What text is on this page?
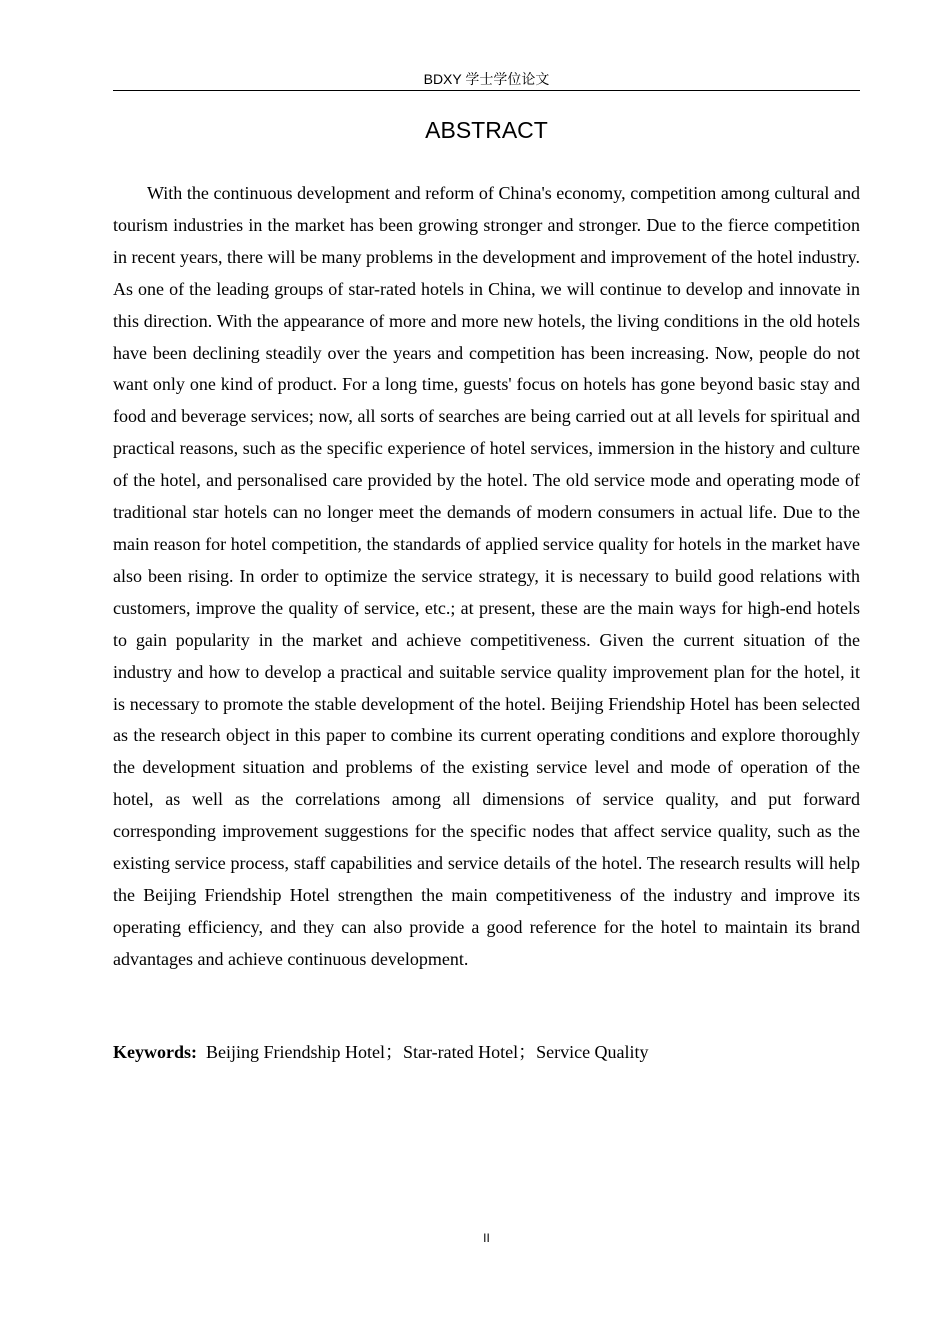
BDXY 学士学位论文
ABSTRACT

With the continuous development and reform of China's economy, competition among cultural and tourism industries in the market has been growing stronger and stronger. Due to the fierce competition in recent years, there will be many problems in the development and improvement of the hotel industry. As one of the leading groups of star-rated hotels in China, we will continue to develop and innovate in this direction. With the appearance of more and more new hotels, the living conditions in the old hotels have been declining steadily over the years and competition has been increasing. Now, people do not want only one kind of product. For a long time, guests' focus on hotels has gone beyond basic stay and food and beverage services; now, all sorts of searches are being carried out at all levels for spiritual and practical reasons, such as the specific experience of hotel services, immersion in the history and culture of the hotel, and personalised care provided by the hotel. The old service mode and operating mode of traditional star hotels can no longer meet the demands of modern consumers in actual life. Due to the main reason for hotel competition, the standards of applied service quality for hotels in the market have also been rising. In order to optimize the service strategy, it is necessary to build good relations with customers, improve the quality of service, etc.; at present, these are the main ways for high-end hotels to gain popularity in the market and achieve competitiveness. Given the current situation of the industry and how to develop a practical and suitable service quality improvement plan for the hotel, it is necessary to promote the stable development of the hotel. Beijing Friendship Hotel has been selected as the research object in this paper to combine its current operating conditions and explore thoroughly the development situation and problems of the existing service level and mode of operation of the hotel, as well as the correlations among all dimensions of service quality, and put forward corresponding improvement suggestions for the specific nodes that affect service quality, such as the existing service process, staff capabilities and service details of the hotel. The research results will help the Beijing Friendship Hotel strengthen the main competitiveness of the industry and improve its operating efficiency, and they can also provide a good reference for the hotel to maintain its brand advantages and achieve continuous development.

Keywords: Beijing Friendship Hotel；Star-rated Hotel；Service Quality

II
